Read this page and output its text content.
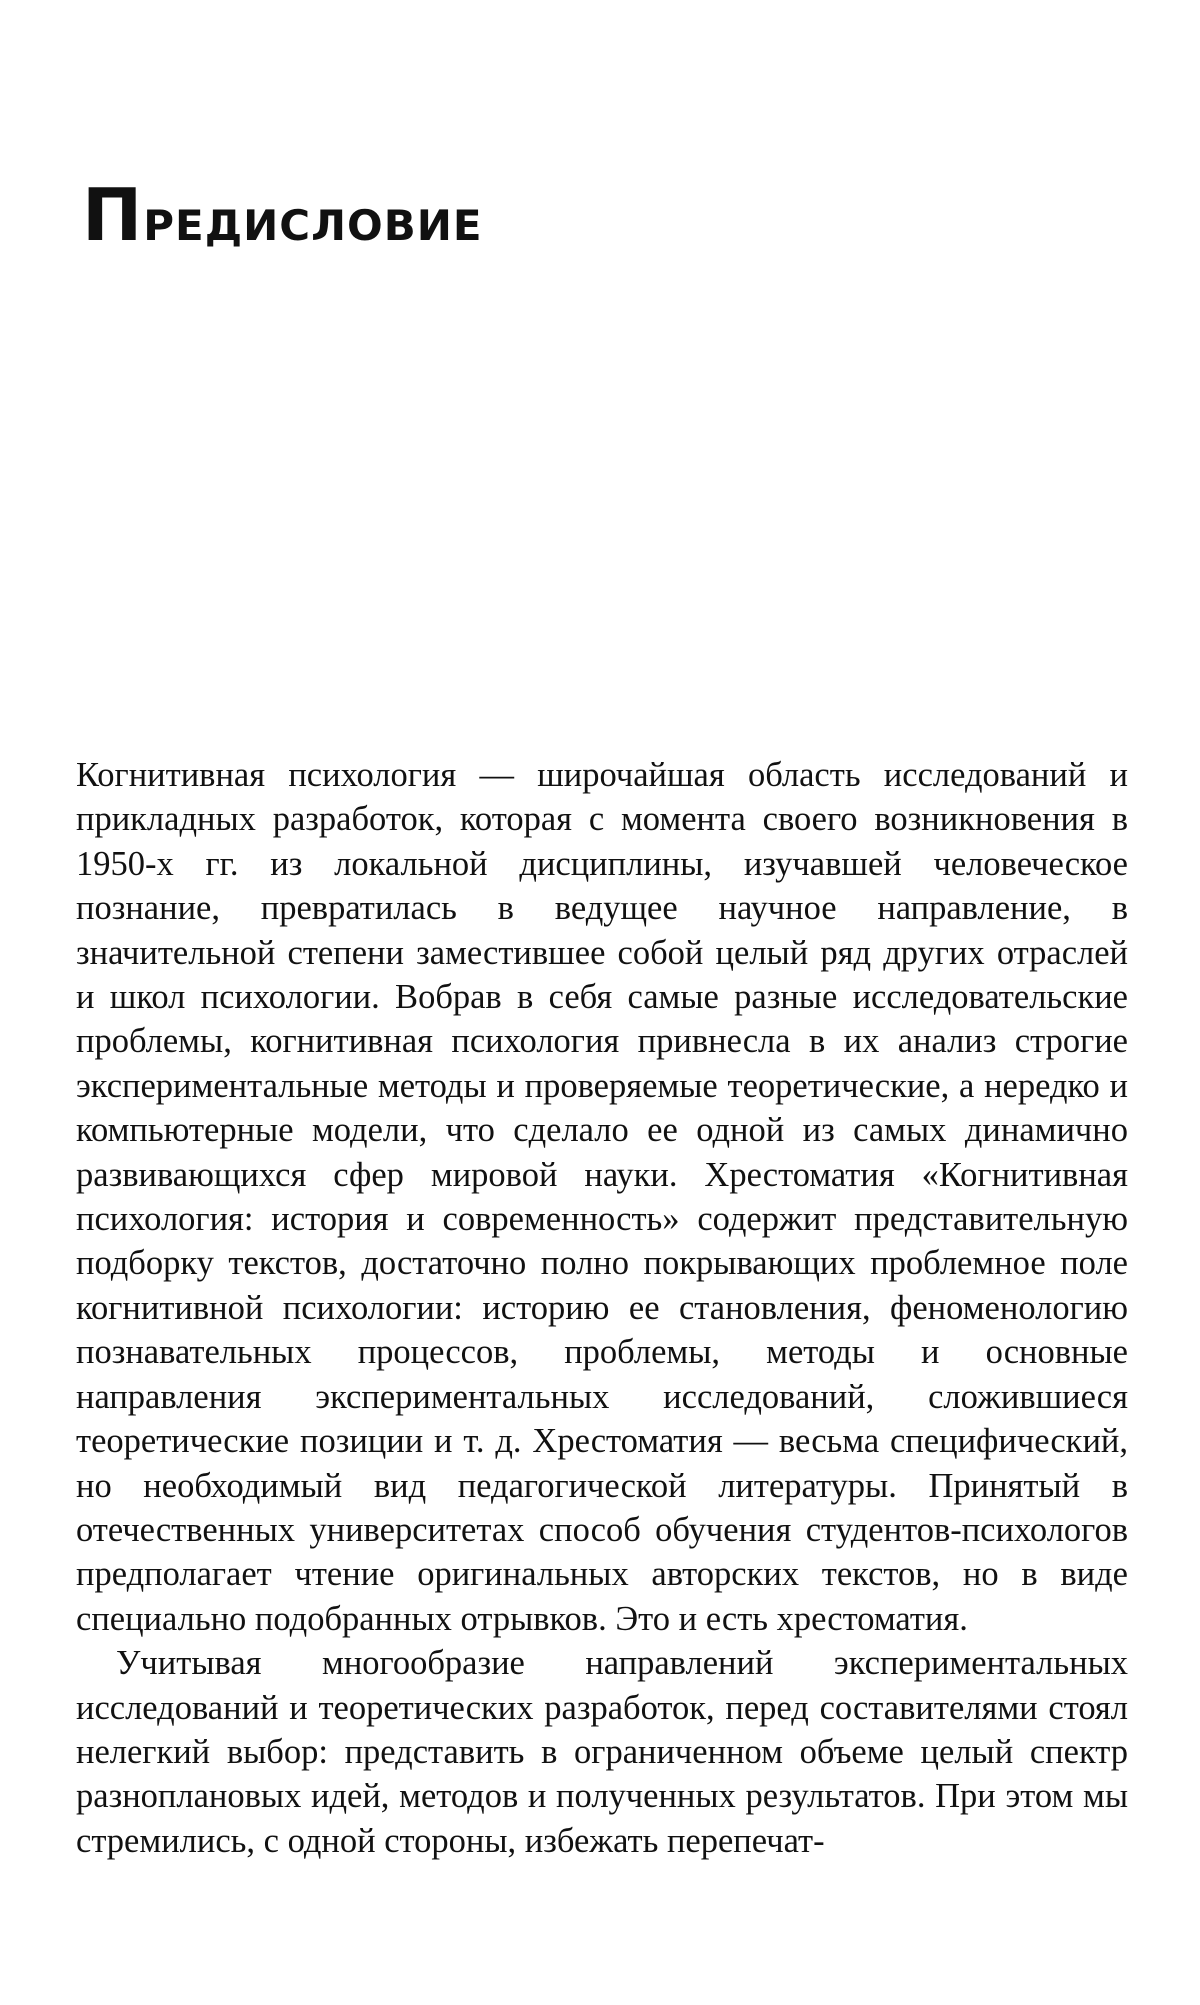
Предисловие

Когнитивная психология — широчайшая область исследований и прикладных разработок, которая с момента своего возникновения в 1950-х гг. из локальной дисциплины, изучавшей человеческое познание, превратилась в ведущее научное направление, в значительной степени заместившее собой целый ряд других отраслей и школ психологии. Вобрав в себя самые разные исследовательские проблемы, когнитивная психология привнесла в их анализ строгие экспериментальные методы и проверяемые теоретические, а нередко и компьютерные модели, что сделало ее одной из самых динамично развивающихся сфер мировой науки. Хрестоматия «Когнитивная психология: история и современность» содержит представительную подборку текстов, достаточно полно покрывающих проблемное поле когнитивной психологии: историю ее становления, феноменологию познавательных процессов, проблемы, методы и основные направления экспериментальных исследований, сложившиеся теоретические позиции и т. д. Хрестоматия — весьма специфический, но необходимый вид педагогической литературы. Принятый в отечественных университетах способ обучения студентов-психологов предполагает чтение оригинальных авторских текстов, но в виде специально подобранных отрывков. Это и есть хрестоматия.

Учитывая многообразие направлений экспериментальных исследований и теоретических разработок, перед составителями стоял нелегкий выбор: представить в ограниченном объеме целый спектр разноплановых идей, методов и полученных результатов. При этом мы стремились, с одной стороны, избежать перепечат-
